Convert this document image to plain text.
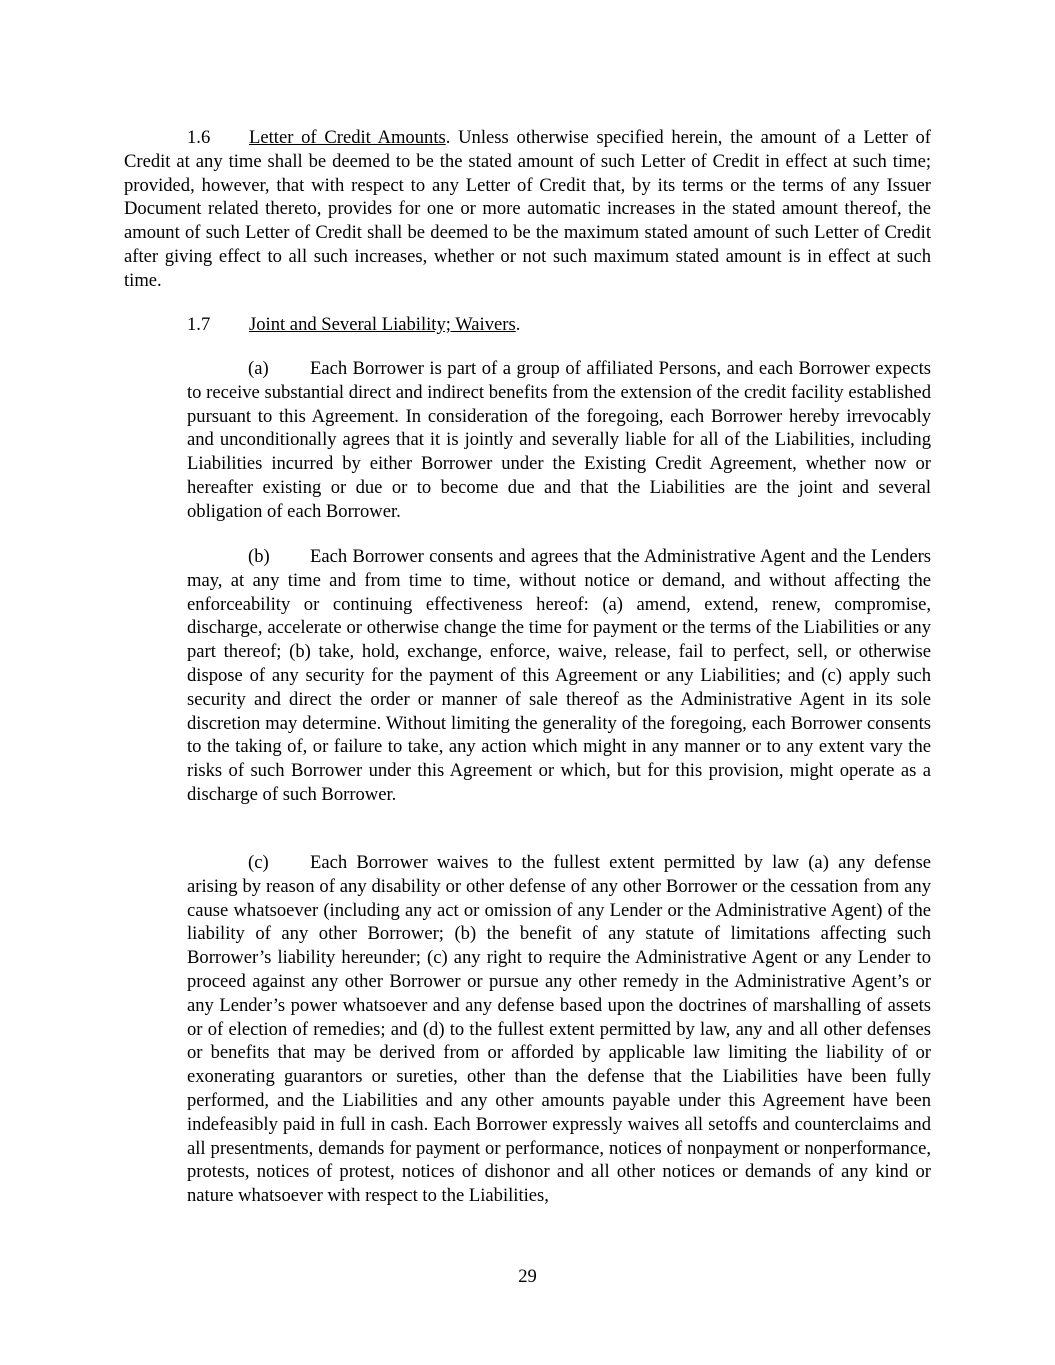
1.6 Letter of Credit Amounts. Unless otherwise specified herein, the amount of a Letter of Credit at any time shall be deemed to be the stated amount of such Letter of Credit in effect at such time; provided, however, that with respect to any Letter of Credit that, by its terms or the terms of any Issuer Document related thereto, provides for one or more automatic increases in the stated amount thereof, the amount of such Letter of Credit shall be deemed to be the maximum stated amount of such Letter of Credit after giving effect to all such increases, whether or not such maximum stated amount is in effect at such time.

1.7 Joint and Several Liability; Waivers.

(a) Each Borrower is part of a group of affiliated Persons, and each Borrower expects to receive substantial direct and indirect benefits from the extension of the credit facility established pursuant to this Agreement. In consideration of the foregoing, each Borrower hereby irrevocably and unconditionally agrees that it is jointly and severally liable for all of the Liabilities, including Liabilities incurred by either Borrower under the Existing Credit Agreement, whether now or hereafter existing or due or to become due and that the Liabilities are the joint and several obligation of each Borrower.

(b) Each Borrower consents and agrees that the Administrative Agent and the Lenders may, at any time and from time to time, without notice or demand, and without affecting the enforceability or continuing effectiveness hereof: (a) amend, extend, renew, compromise, discharge, accelerate or otherwise change the time for payment or the terms of the Liabilities or any part thereof; (b) take, hold, exchange, enforce, waive, release, fail to perfect, sell, or otherwise dispose of any security for the payment of this Agreement or any Liabilities; and (c) apply such security and direct the order or manner of sale thereof as the Administrative Agent in its sole discretion may determine. Without limiting the generality of the foregoing, each Borrower consents to the taking of, or failure to take, any action which might in any manner or to any extent vary the risks of such Borrower under this Agreement or which, but for this provision, might operate as a discharge of such Borrower.

(c) Each Borrower waives to the fullest extent permitted by law (a) any defense arising by reason of any disability or other defense of any other Borrower or the cessation from any cause whatsoever (including any act or omission of any Lender or the Administrative Agent) of the liability of any other Borrower; (b) the benefit of any statute of limitations affecting such Borrower’s liability hereunder; (c) any right to require the Administrative Agent or any Lender to proceed against any other Borrower or pursue any other remedy in the Administrative Agent’s or any Lender’s power whatsoever and any defense based upon the doctrines of marshalling of assets or of election of remedies; and (d) to the fullest extent permitted by law, any and all other defenses or benefits that may be derived from or afforded by applicable law limiting the liability of or exonerating guarantors or sureties, other than the defense that the Liabilities have been fully performed, and the Liabilities and any other amounts payable under this Agreement have been indefeasibly paid in full in cash. Each Borrower expressly waives all setoffs and counterclaims and all presentments, demands for payment or performance, notices of nonpayment or nonperformance, protests, notices of protest, notices of dishonor and all other notices or demands of any kind or nature whatsoever with respect to the Liabilities,

29
